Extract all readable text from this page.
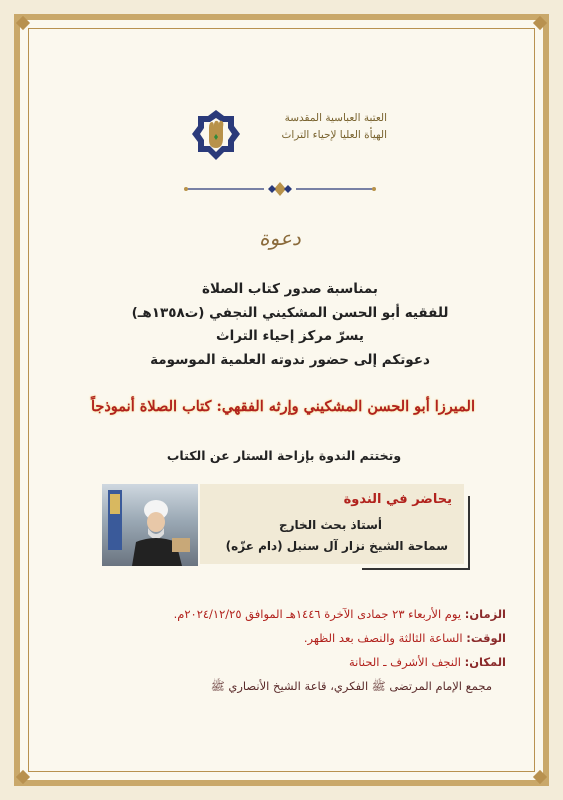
العتبة العباسية المقدسة
الهيأة العليا لإحياء التراث
دعوة
بمناسبة صدور كتاب الصلاة
للفقيه أبو الحسن المشكيني النجفي (ت١٣٥٨هـ)
يسرّ مركز إحياء التراث
دعوتكم إلى حضور ندوته العلمية الموسومة
الميرزا أبو الحسن المشكيني وإرثه الفقهي: كتاب الصلاة أنموذجاً
وتختتم الندوة بإزاحة الستار عن الكتاب
يحاضر في الندوة
أستاذ بحث الخارج
سماحة الشيخ نزار آل سنبل (دام عزّه)
الزمان: يوم الأربعاء ٢٣ جمادى الآخرة ١٤٤٦هـ الموافق ٢٠٢٤/١٢/٢٥م.
الوقت: الساعة الثالثة والنصف بعد الظهر.
المكان: النجف الأشرف ـ الحنانة
مجمع الإمام المرتضى ﷺ الفكري، قاعة الشيخ الأنصاري ﷺ
